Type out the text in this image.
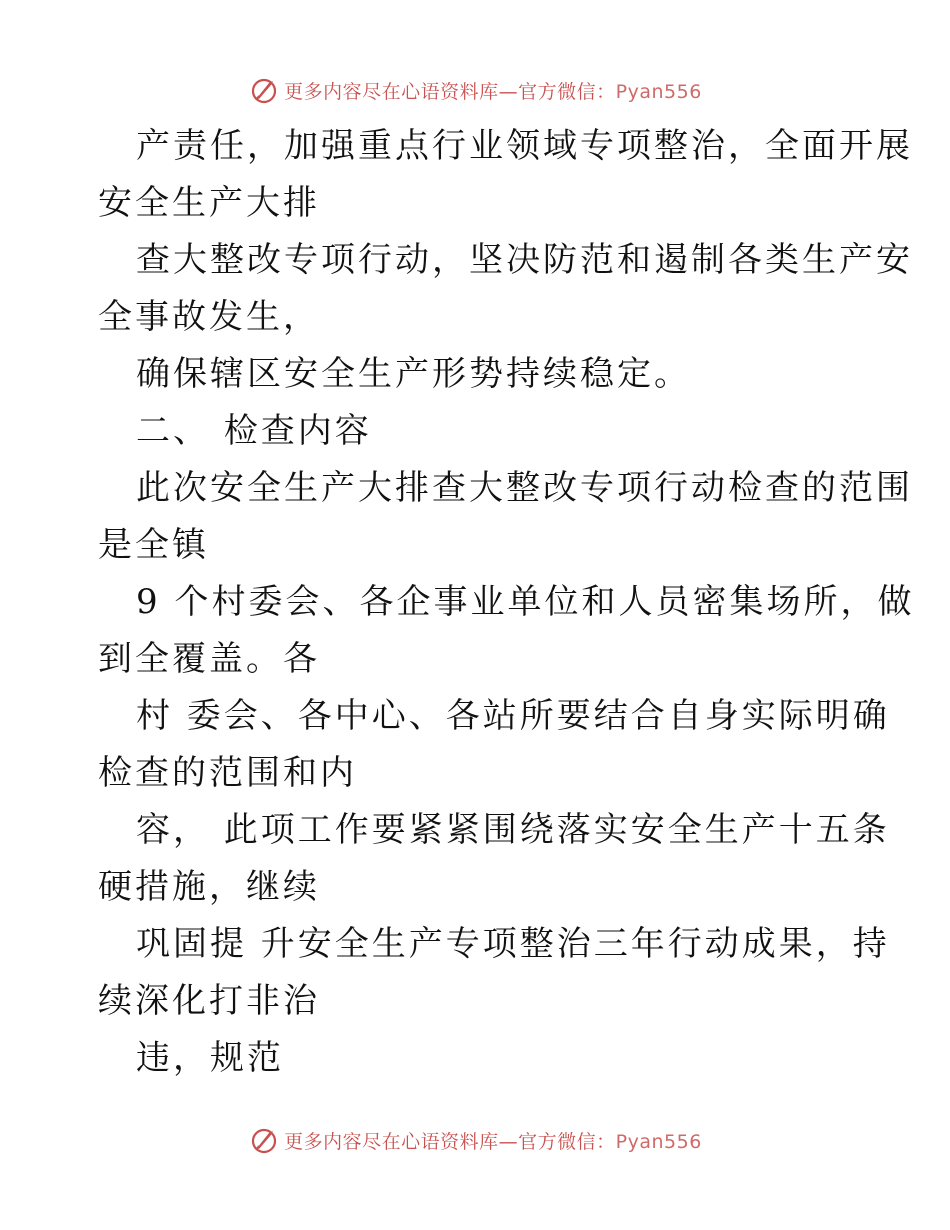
更多内容尽在心语资料库—官方微信：Pyan556

产责任，加强重点行业领域专项整治，全面开展
安全生产大排

查大整改专项行动，坚决防范和遏制各类生产安
全事故发生，

确保辖区安全生产形势持续稳定。

二、 检查内容

此次安全生产大排查大整改专项行动检查的范围
是全镇

9 个村委会、各企事业单位和人员密集场所，做
到全覆盖。各

村 委会、各中心、各站所要结合自身实际明确
检查的范围和内

容， 此项工作要紧紧围绕落实安全生产十五条
硬措施，继续

巩固提 升安全生产专项整治三年行动成果，持
续深化打非治

违，规范

更多内容尽在心语资料库—官方微信：Pyan556
